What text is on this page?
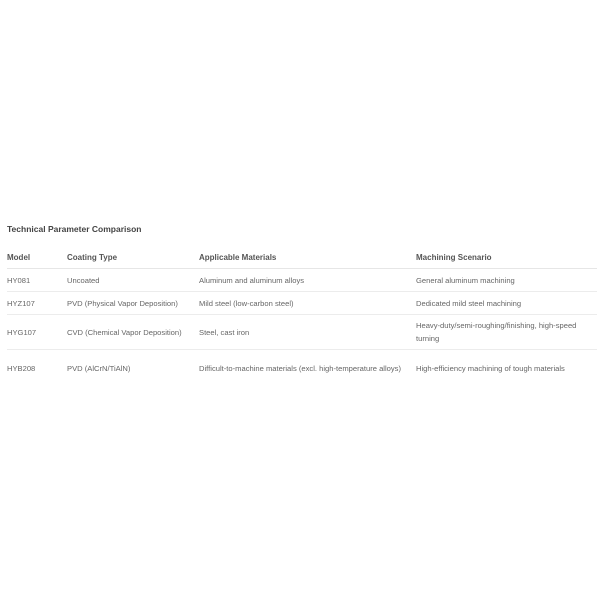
Technical Parameter Comparison
Model	Coating Type	Applicable Materials	Machining Scenario
HY081	Uncoated	Aluminum and aluminum alloys	General aluminum machining
HYZ107	PVD (Physical Vapor Deposition)	Mild steel (low-carbon steel)	Dedicated mild steel machining
HYG107	CVD (Chemical Vapor Deposition)	Steel, cast iron	Heavy-duty/semi-roughing/finishing, high-speed turning
HYB208	PVD (AlCrN/TiAlN)	Difficult-to-machine materials (excl. high-temperature alloys)	High-efficiency machining of tough materials
